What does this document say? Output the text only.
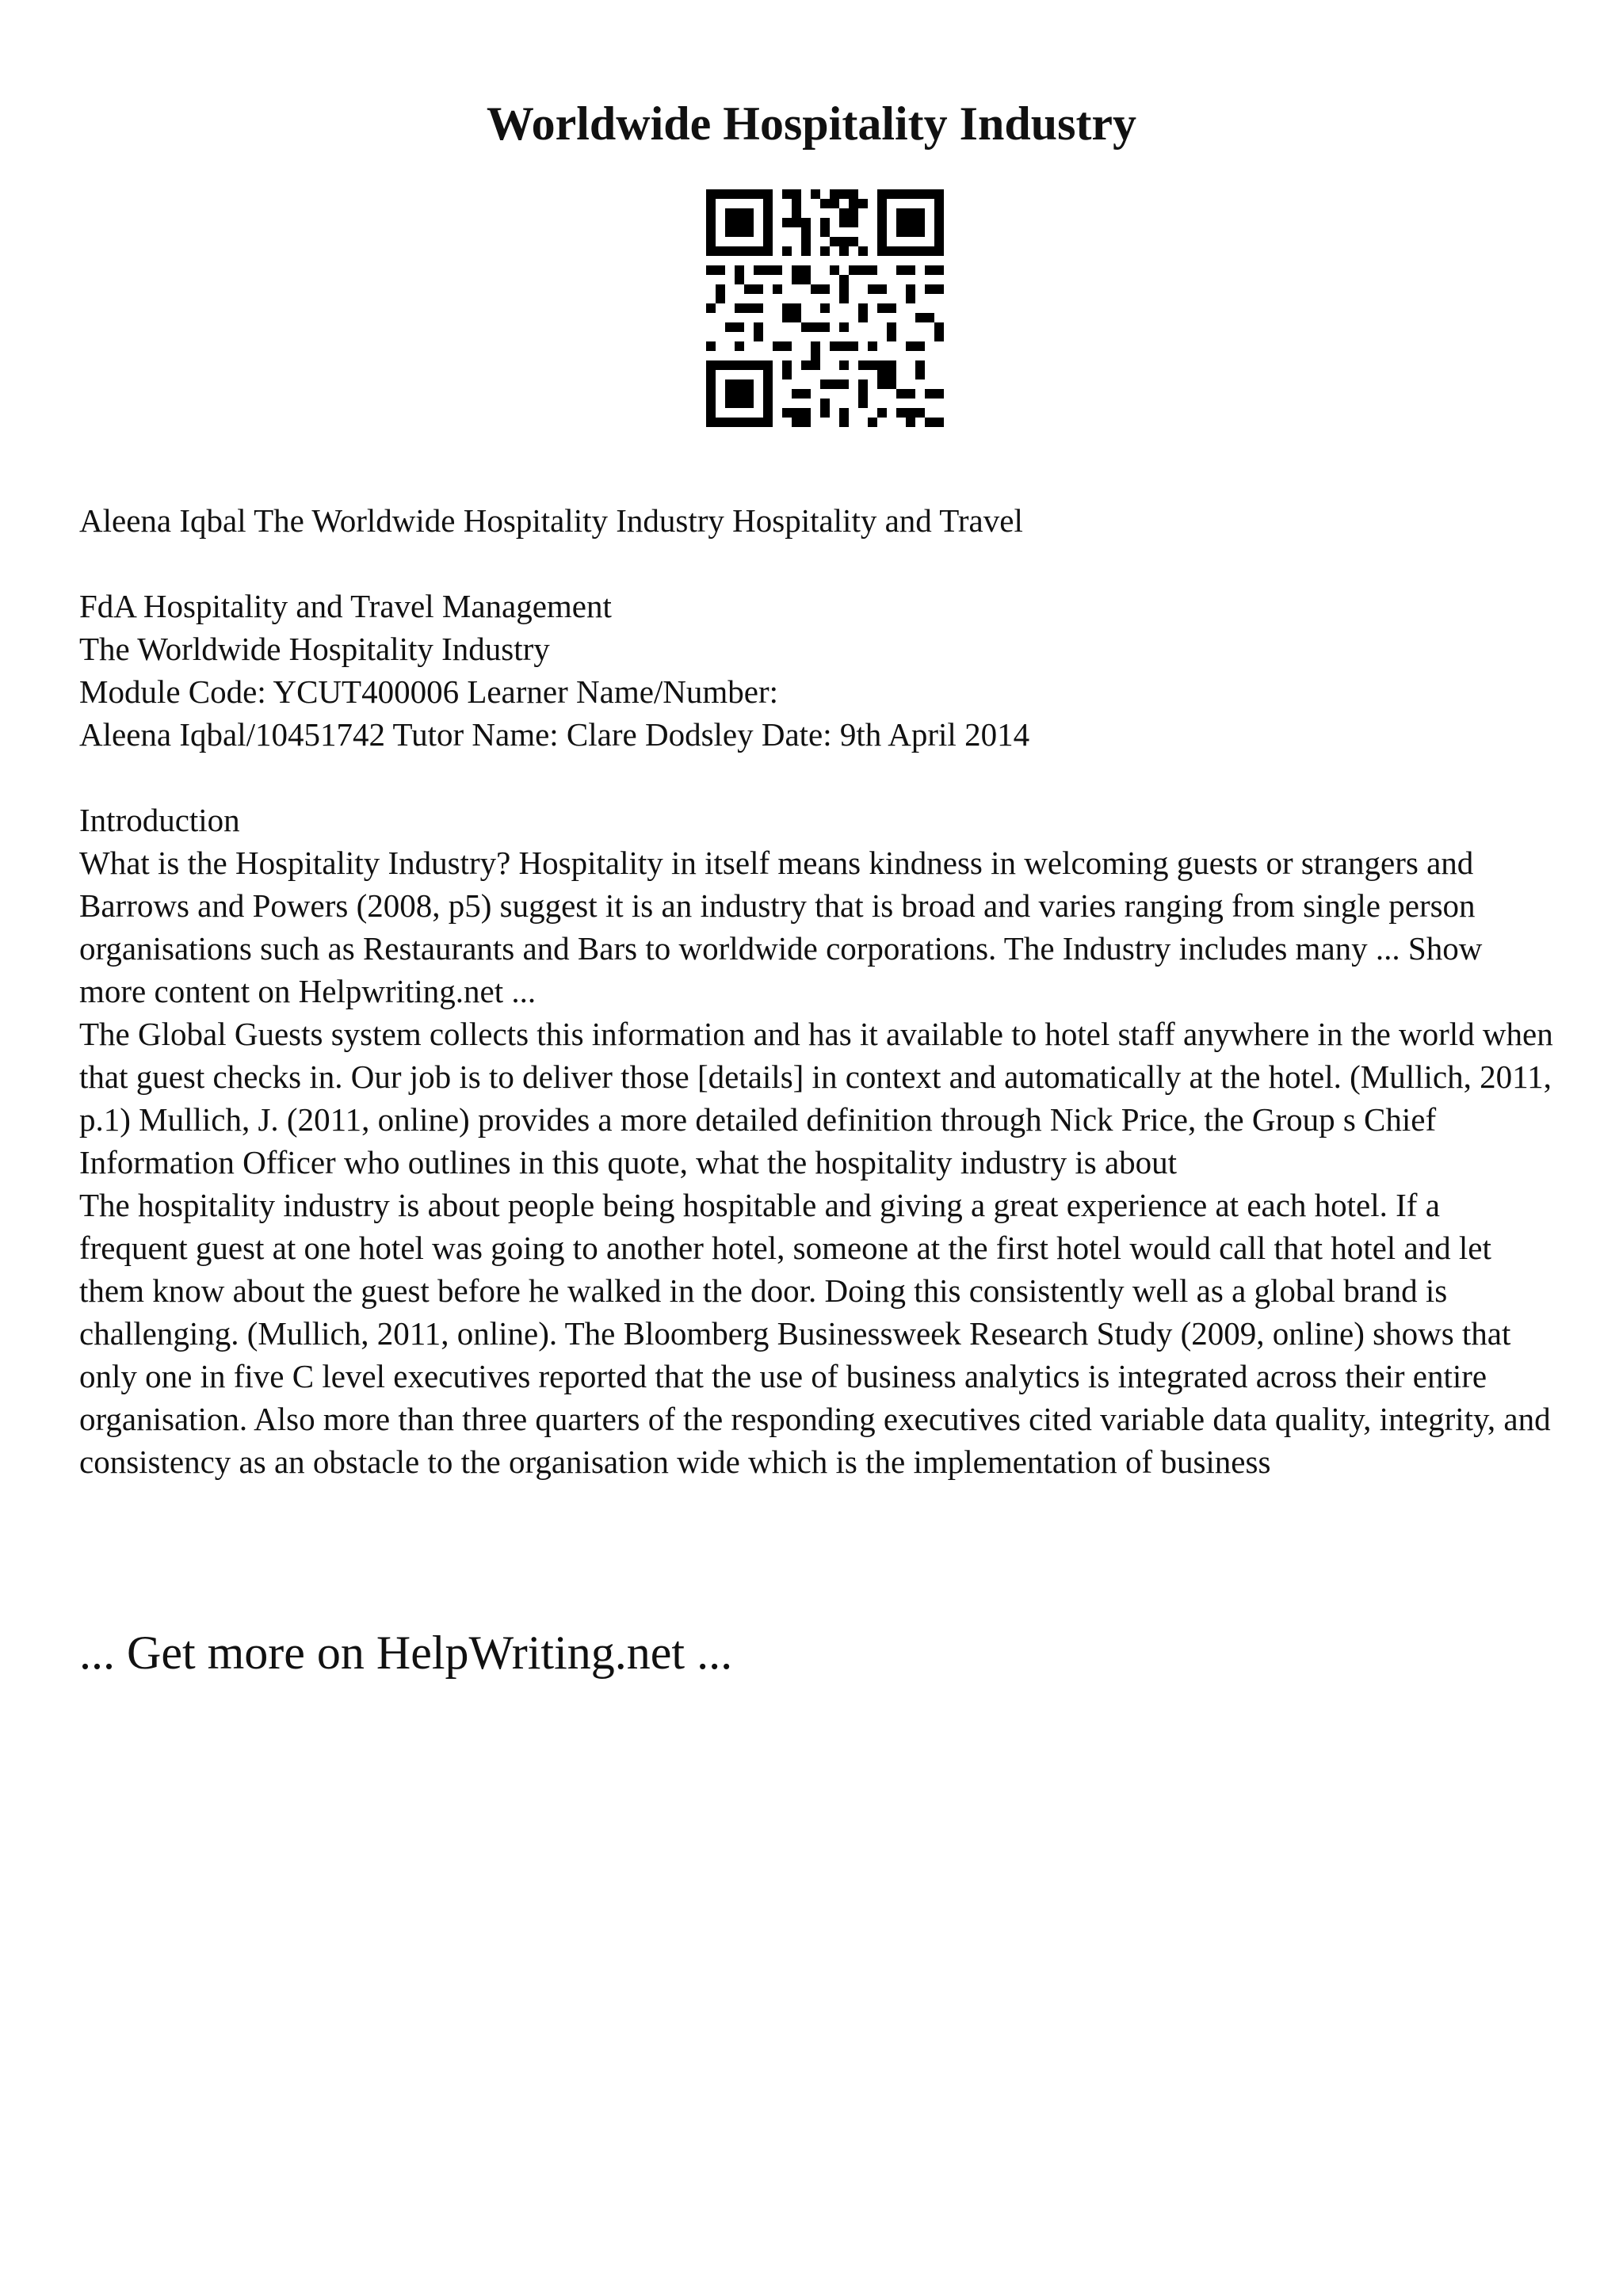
Worldwide Hospitality Industry

Aleena Iqbal The Worldwide Hospitality Industry Hospitality and Travel

FdA Hospitality and Travel Management

The Worldwide Hospitality Industry

Module Code: YCUT400006 Learner Name/Number:

Aleena Iqbal/10451742 Tutor Name: Clare Dodsley Date: 9th April 2014

Introduction

What is the Hospitality Industry? Hospitality in itself means kindness in welcoming guests or strangers and Barrows and Powers (2008, p5) suggest it is an industry that is broad and varies ranging from single person organisations such as Restaurants and Bars to worldwide corporations. The Industry includes many ... Show more content on Helpwriting.net ...

The Global Guests system collects this information and has it available to hotel staff anywhere in the world when that guest checks in. Our job is to deliver those [details] in context and automatically at the hotel. (Mullich, 2011, p.1) Mullich, J. (2011, online) provides a more detailed definition through Nick Price, the Group s Chief Information Officer who outlines in this quote, what the hospitality industry is about

The hospitality industry is about people being hospitable and giving a great experience at each hotel. If a frequent guest at one hotel was going to another hotel, someone at the first hotel would call that hotel and let them know about the guest before he walked in the door. Doing this consistently well as a global brand is challenging. (Mullich, 2011, online). The Bloomberg Businessweek Research Study (2009, online) shows that only one in five C level executives reported that the use of business analytics is integrated across their entire organisation. Also more than three quarters of the responding executives cited variable data quality, integrity, and consistency as an obstacle to the organisation wide which is the implementation of business

... Get more on HelpWriting.net ...
